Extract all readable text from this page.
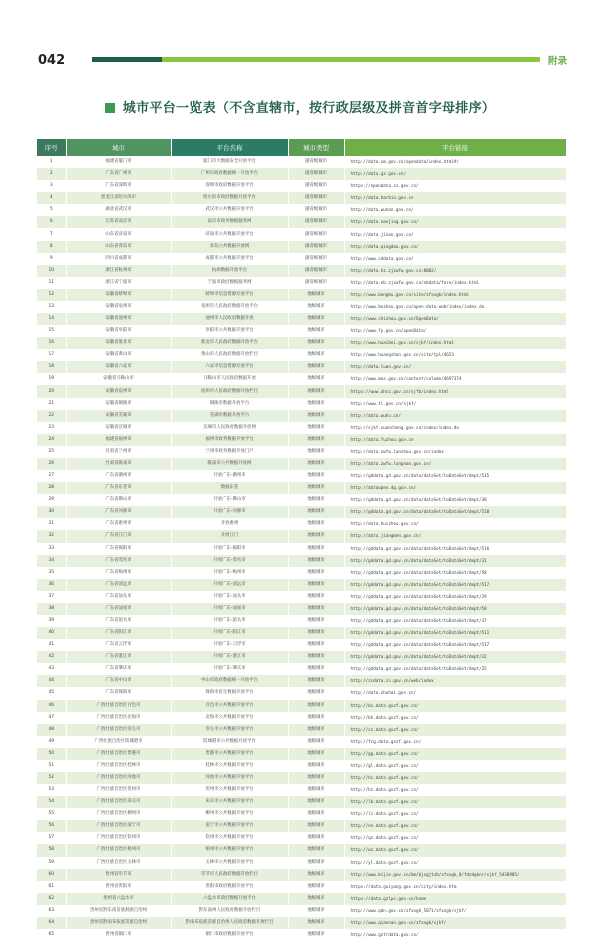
042	附录
城市平台一览表（不含直辖市，按行政层级及拼音首字母排序）
序号	城市	平台名称	城市类型	平台链接
1	福建省厦门市	厦门市大数据安全开放平台	副省级城市	http://data.xm.gov.cn/opendata/index.html#/
2	广东省广州市	广州市政府数据统一开放平台	副省级城市	http://data.gz.gov.cn/
3	广东省深圳市	深圳市政府数据开放平台	副省级城市	https://opendata.sz.gov.cn/
4	黑龙江省哈尔滨市	哈尔滨市政府数据开放平台	副省级城市	http://data.harbin.gov.cn
5	湖北省武汉市	武汉市公共数据开放平台	副省级城市	http://data.wuhan.gov.cn/
6	江苏省南京市	南京市政务数据服务网	副省级城市	http://data.nanjing.gov.cn/
7	山东省济南市	济南市公共数据开放平台	副省级城市	http://data.jinan.gov.cn/
8	山东省青岛市	青岛公共数据开放网	副省级城市	http://data.qingdao.gov.cn/
9	四川省成都市	成都市公共数据开放平台	副省级城市	http://www.cddata.gov.cn/
10	浙江省杭州市	杭州数据开放平台	副省级城市	http://data.hz.zjzwfw.gov.cn:8082/
11	浙江省宁波市	宁波市政府数据服务网	副省级城市	http://data.nb.zjzwfw.gov.cn/nbdata/fore/index.html
12	安徽省蚌埠市	蚌埠市信息资源开放平台	地级城市	http://www.bengbu.gov.cn/site/zfxxgk/index.html
13	安徽省亳州市	亳州市人民政府数据开放平台	地级城市	http://www.bozhou.gov.cn/open-data-web/index/index.do
14	安徽省池州市	池州市人民政府数据开放	地级城市	http://www.chizhou.gov.cn/OpenData/
15	安徽省阜阳市	阜阳市公共数据开放平台	地级城市	http://www.fy.gov.cn/openData/
16	安徽省淮北市	淮北市人民政府数据开放平台	地级城市	http://www.huaibei.gov.cn/sjkf/index.html
17	安徽省黄山市	黄山市人民政府数据开放栏目	地级城市	http://www.huangshan.gov.cn/site/tpl/4653
18	安徽省六安市	六安市信息资源开放平台	地级城市	http://data.luan.gov.cn/
19	安徽省马鞍山市	马鞍山市人民政府数据开放	地级城市	http://www.mas.gov.cn/content/column/4697374
20	安徽省宿州市	宿州市人民政府数据开放栏目	地级城市	https://www.ahsz.gov.cn/sjfb/index.html
21	安徽省铜陵市	铜陵市数据开放平台	地级城市	http://www.tl.gov.cn/sjkf/
22	安徽省芜湖市	芜湖市数据开放平台	地级城市	http://data.wuhu.cn/
23	安徽省宣城市	宣城市人民政府数据开放网	地级城市	http://sjkf.xuancheng.gov.cn/index/index.do
24	福建省福州市	福州市政务数据开放平台	地级城市	http://data.fuzhou.gov.cn
25	甘肃省兰州市	兰州市政务数据开放门户	地级城市	http://data.zwfw.lanzhou.gov.cn/index
26	甘肃省陇南市	陇南市公共数据开放网	地级城市	http://data.zwfw.longnan.gov.cn/
27	广东省潮州市	开放广东-潮州市	地级城市	http://gddata.gd.gov.cn/data/dataSet/toDataSet/dept/515
28	广东省东莞市	数据东莞	地级城市	http://dataopen.dg.gov.cn/
29	广东省佛山市	开放广东-佛山市	地级城市	http://gddata.gd.gov.cn/data/dataSet/toDataSet/dept/38
30	广东省河源市	开放广东-河源市	地级城市	http://gddata.gd.gov.cn/data/dataSet/toDataSet/dept/510
31	广东省惠州市	开放惠州	地级城市	http://data.huizhou.gov.cn/
32	广东省江门市	开放江门	地级城市	http://data.jiangmen.gov.cn/
33	广东省揭阳市	开放广东-揭阳市	地级城市	http://gddata.gd.gov.cn/data/dataSet/toDataSet/dept/516
34	广东省茂名市	开放广东-茂名市	地级城市	http://gddata.gd.gov.cn/data/dataSet/toDataSet/dept/31
35	广东省梅州市	开放广东-梅州市	地级城市	http://gddata.gd.gov.cn/data/dataSet/toDataSet/dept/58
36	广东省清远市	开放广东-清远市	地级城市	http://gddata.gd.gov.cn/data/dataSet/toDataSet/dept/517
37	广东省汕头市	开放广东-汕头市	地级城市	http://gddata.gd.gov.cn/data/dataSet/toDataSet/dept/29
38	广东省汕尾市	开放广东-汕尾市	地级城市	http://gddata.gd.gov.cn/data/dataSet/toDataSet/dept/50
39	广东省韶关市	开放广东-韶关市	地级城市	http://gddata.gd.gov.cn/data/dataSet/toDataSet/dept/37
40	广东省阳江市	开放广东-阳江市	地级城市	http://gddata.gd.gov.cn/data/dataSet/toDataSet/dept/511
41	广东省云浮市	开放广东-云浮市	地级城市	http://gddata.gd.gov.cn/data/dataSet/toDataSet/dept/517
42	广东省湛江市	开放广东-湛江市	地级城市	http://gddata.gd.gov.cn/data/dataSet/toDataSet/dept/32
43	广东省肇庆市	开放广东-肇庆市	地级城市	http://gddata.gd.gov.cn/data/dataSet/toDataSet/dept/25
44	广东省中山市	中山市政府数据统一开放平台	地级城市	http://zsdata.zs.gov.cn/web/index
45	广东省珠海市	珠海市民生数据开放平台	地级城市	http://data.zhuhai.gov.cn/
46	广西壮族自治区百色市	百色市公共数据开放平台	地级城市	http://bs.data.gxzf.gov.cn/
47	广西壮族自治区北海市	北海市公共数据开放平台	地级城市	http://bh.data.gxzf.gov.cn/
48	广西壮族自治区崇左市	崇左市公共数据开放平台	地级城市	http://cz.data.gxzf.gov.cn/
49	广西壮族自治区防城港市	防城港市公共数据开放平台	地级城市	http://fcg.data.gxzf.gov.cn/
50	广西壮族自治区贵港市	贵港市公共数据开放平台	地级城市	http://gg.data.gxzf.gov.cn/
51	广西壮族自治区桂林市	桂林市公共数据开放平台	地级城市	http://gl.data.gxzf.gov.cn/
52	广西壮族自治区河池市	河池市公共数据开放平台	地级城市	http://hc.data.gxzf.gov.cn/
53	广西壮族自治区贺州市	贺州市公共数据开放平台	地级城市	http://hz.data.gxzf.gov.cn/
54	广西壮族自治区来宾市	来宾市公共数据开放平台	地级城市	http://lb.data.gxzf.gov.cn/
55	广西壮族自治区柳州市	柳州市公共数据开放平台	地级城市	http://lz.data.gxzf.gov.cn/
56	广西壮族自治区南宁市	南宁市公共数据开放平台	地级城市	http://nn.data.gxzf.gov.cn/
57	广西壮族自治区钦州市	钦州市公共数据开放平台	地级城市	http://qz.data.gxzf.gov.cn/
58	广西壮族自治区梧州市	梧州市公共数据开放平台	地级城市	http://wz.data.gxzf.gov.cn/
59	广西壮族自治区玉林市	玉林市公共数据开放平台	地级城市	http://yl.data.gxzf.gov.cn/
60	贵州省毕节市	毕节市人民政府数据开放栏目	地级城市	http://www.bijie.gov.cn/bm/bjsgjtzb/zfxxgk_0/fdzdgknr/sjkf_5438985/
61	贵州省贵阳市	贵阳市政府数据开放平台	地级城市	https://data.guiyang.gov.cn/city/index.htm
62	贵州省六盘水市	六盘水市政府数据开放平台	地级城市	https://data.gzlps.gov.cn/home
63	贵州省黔东南苗族侗族自治州	黔东南州人民政府数据开放栏目	地级城市	http://www.qdn.gov.cn/zfxxgk_5871/zfxxgk/sjkf/
64	贵州省黔南布依族苗族自治州	黔南布依族苗族自治州人民政府数据开放栏目	地级城市	http://www.qiannan.gov.cn/zfxxgk/sjkf/
65	贵州省铜仁市	铜仁市政府数据开放平台	地级城市	http://www.gztrdata.gov.cn/
